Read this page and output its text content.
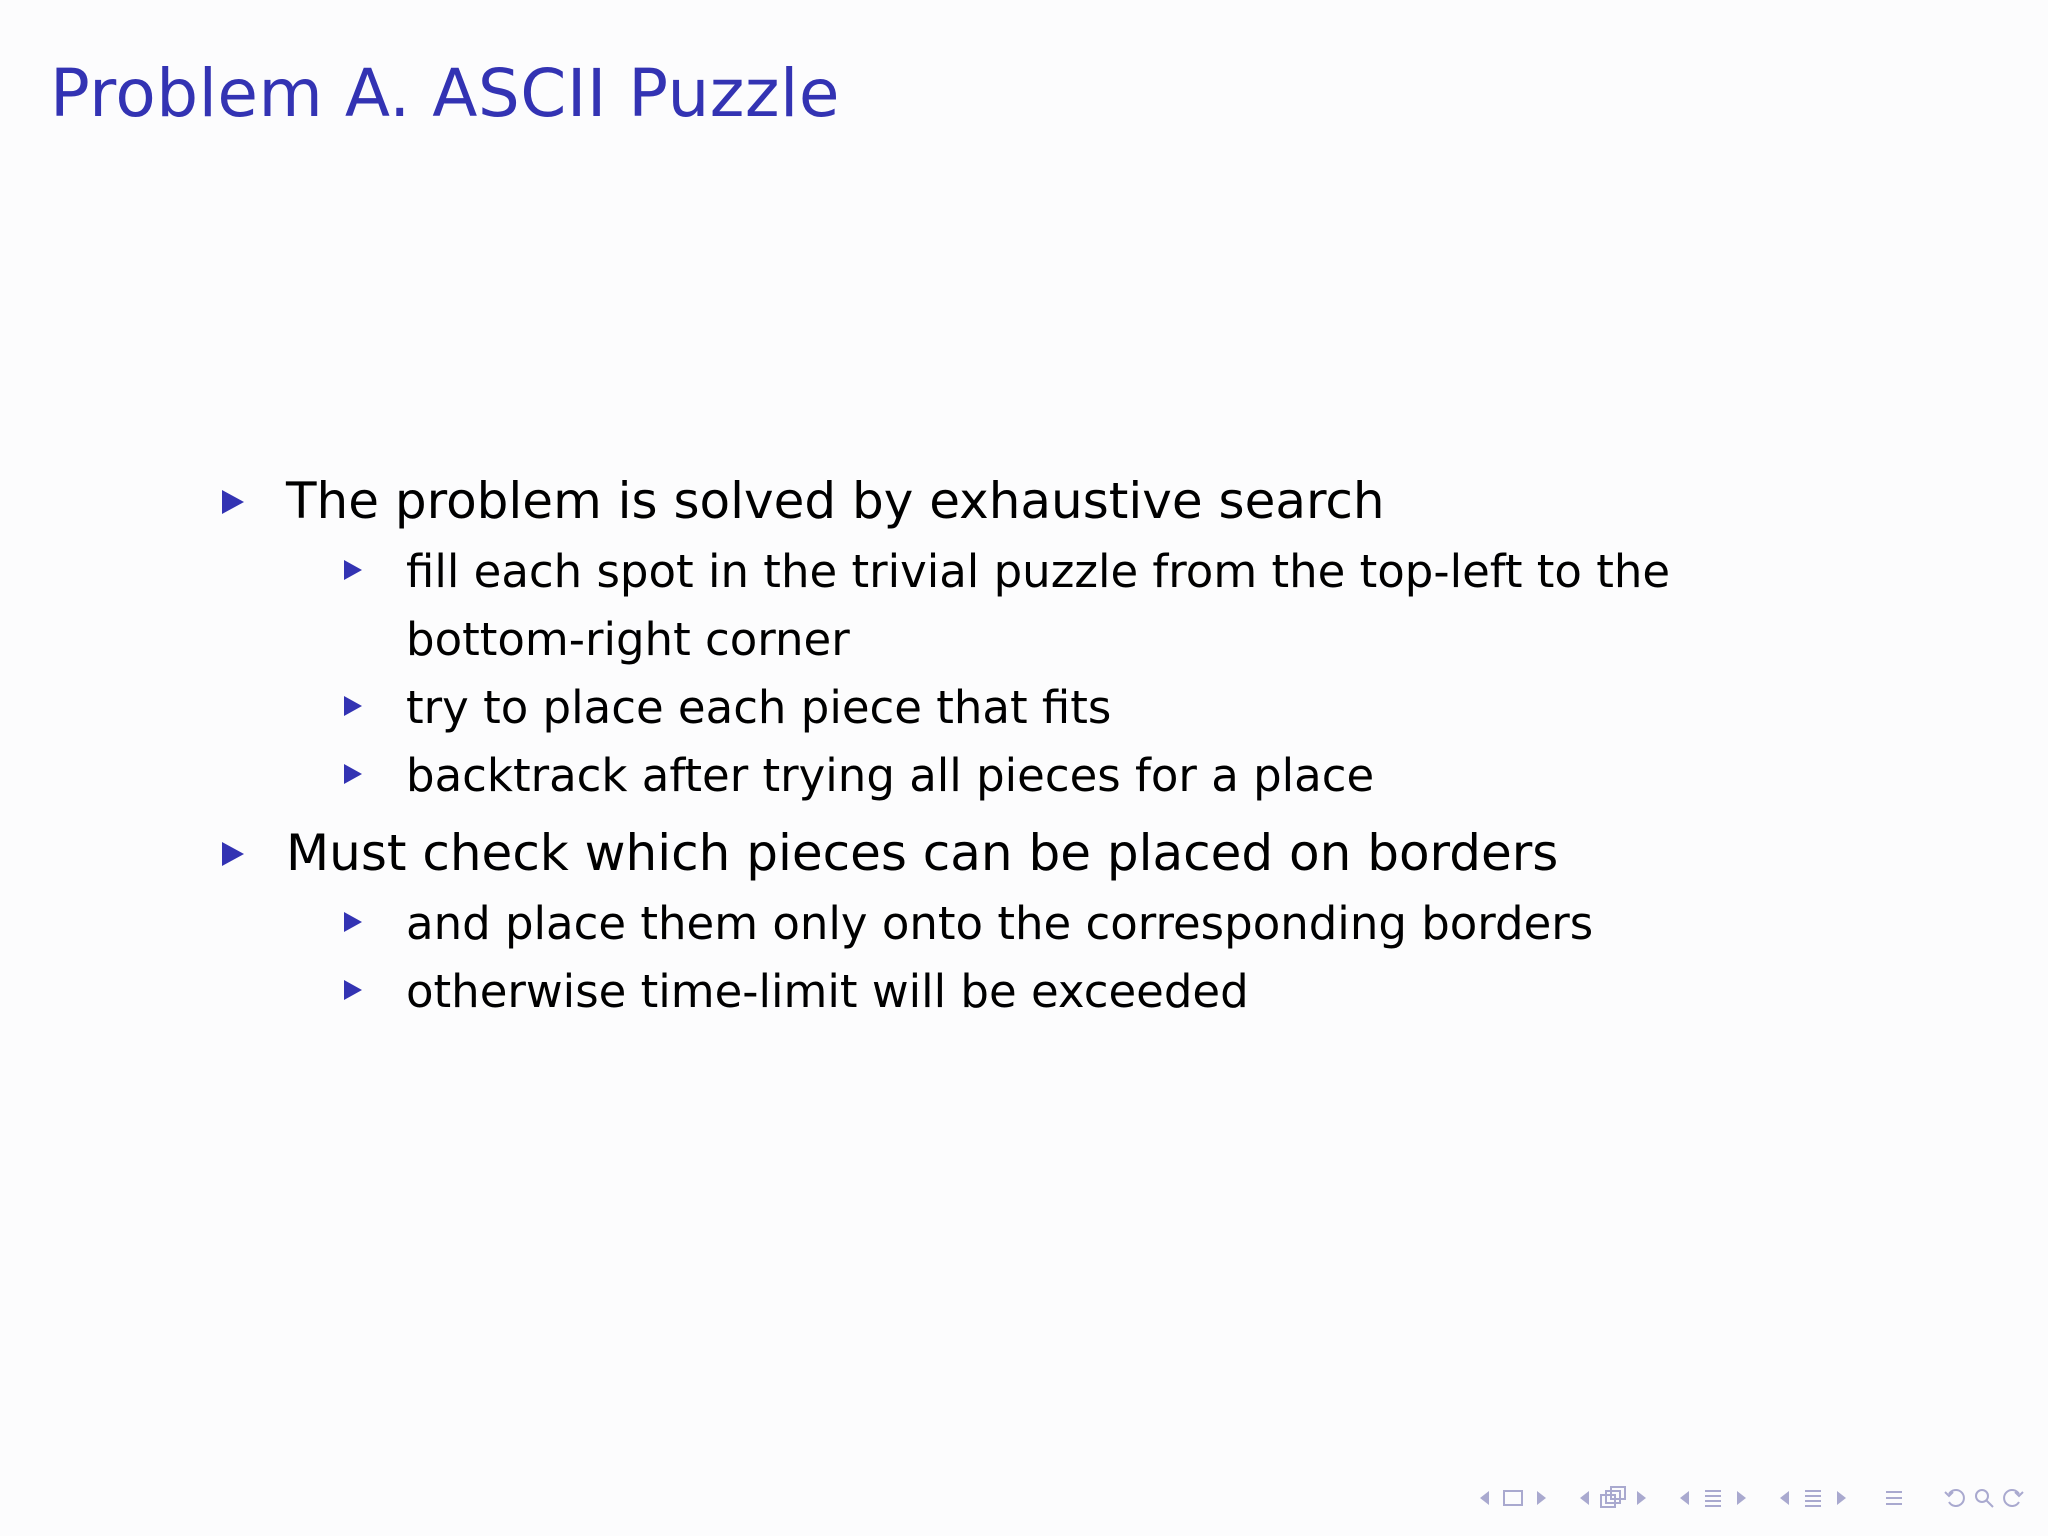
Problem A. ASCII Puzzle
The problem is solved by exhaustive search
fill each spot in the trivial puzzle from the top-left to the bottom-right corner
try to place each piece that fits
backtrack after trying all pieces for a place
Must check which pieces can be placed on borders
and place them only onto the corresponding borders
otherwise time-limit will be exceeded
